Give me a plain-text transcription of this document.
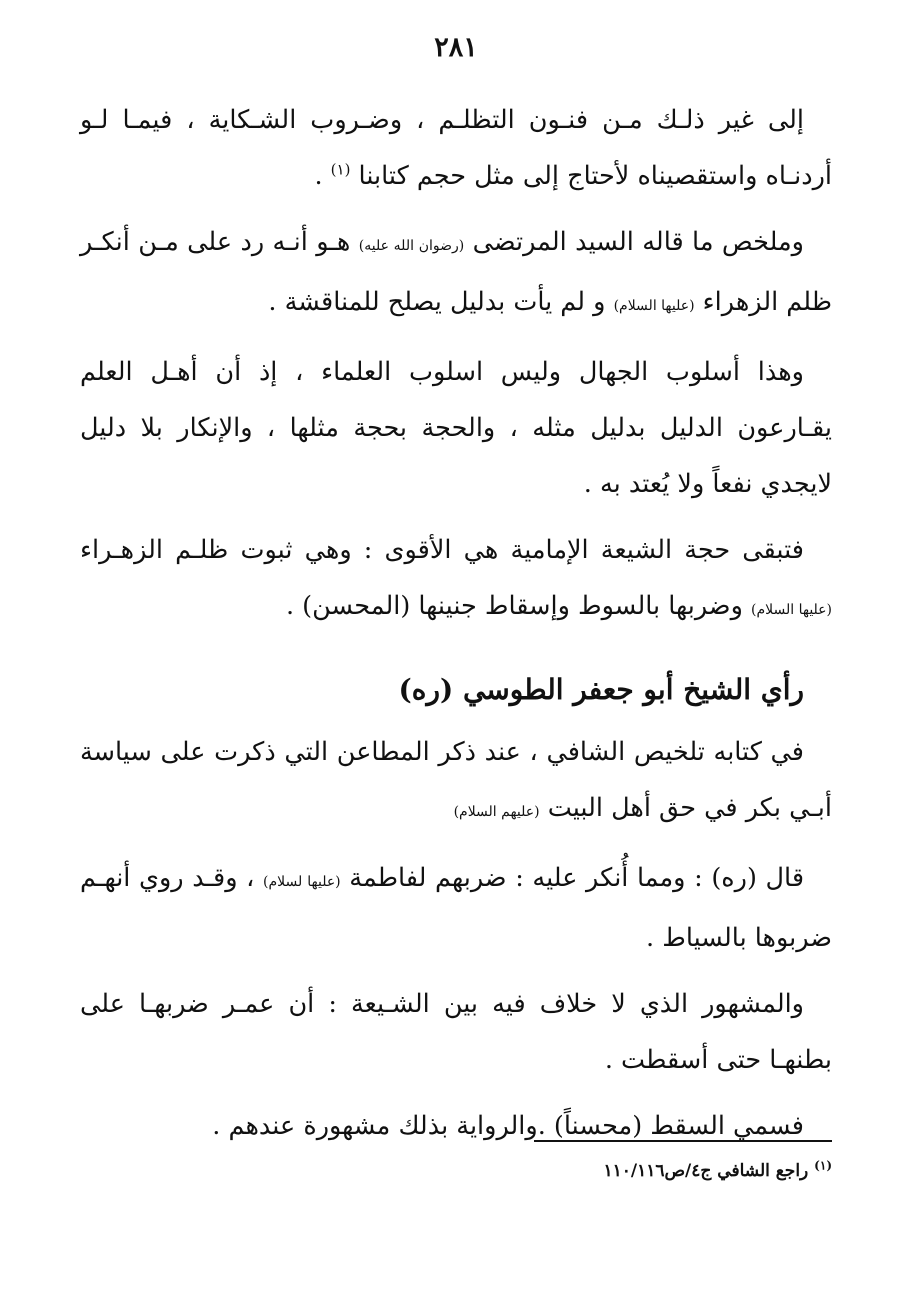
٢٨١

إلى غير ذلـك مـن فنـون التظلـم ، وضـروب الشـكاية ، فيمـا لـو أردنـاه واستقصيناه لأحتاج إلى مثل حجم كتابنا $^{(١)}$ .

وملخص ما قاله السيد المرتضى (رضوان الله عليه) هـو أنـه رد على مـن أنكـر ظلم الزهراء (عليها السلام) و لم يأت بدليل يصلح للمناقشة .

وهذا أسلوب الجهال وليس اسلوب العلماء ، إذ أن أهـل العلم يقـارعون الدليل بدليل مثله ، والحجة بحجة مثلها ، والإنكار بلا دليل لايجدي نفعاً ولا يُعتد به .

فتبقى حجة الشيعة الإمامية هي الأقوى : وهي ثبوت ظلـم الزهـراء (عليها السلام) وضربها بالسوط وإسقاط جنينها (المحسن) .

رأي الشيخ أبو جعفر الطوسي (ره)

في كتابه تلخيص الشافي ، عند ذكر المطاعن التي ذكرت على سياسة أبـي بكر في حق أهل البيت (عليهم السلام)

قال (ره) : ومما أُنكر عليه : ضربهم لفاطمة (عليها لسلام) ، وقـد روي أنهـم ضربوها بالسياط .

والمشهور الذي لا خلاف فيه بين الشـيعة : أن عمـر ضربهـا على بطنهـا حتى أسقطت .

فسمي السقط (محسناً) .والرواية بذلك مشهورة عندهم .

$^{(١)}$ راجع الشافي ج٤/ص١١٠/١١٦
